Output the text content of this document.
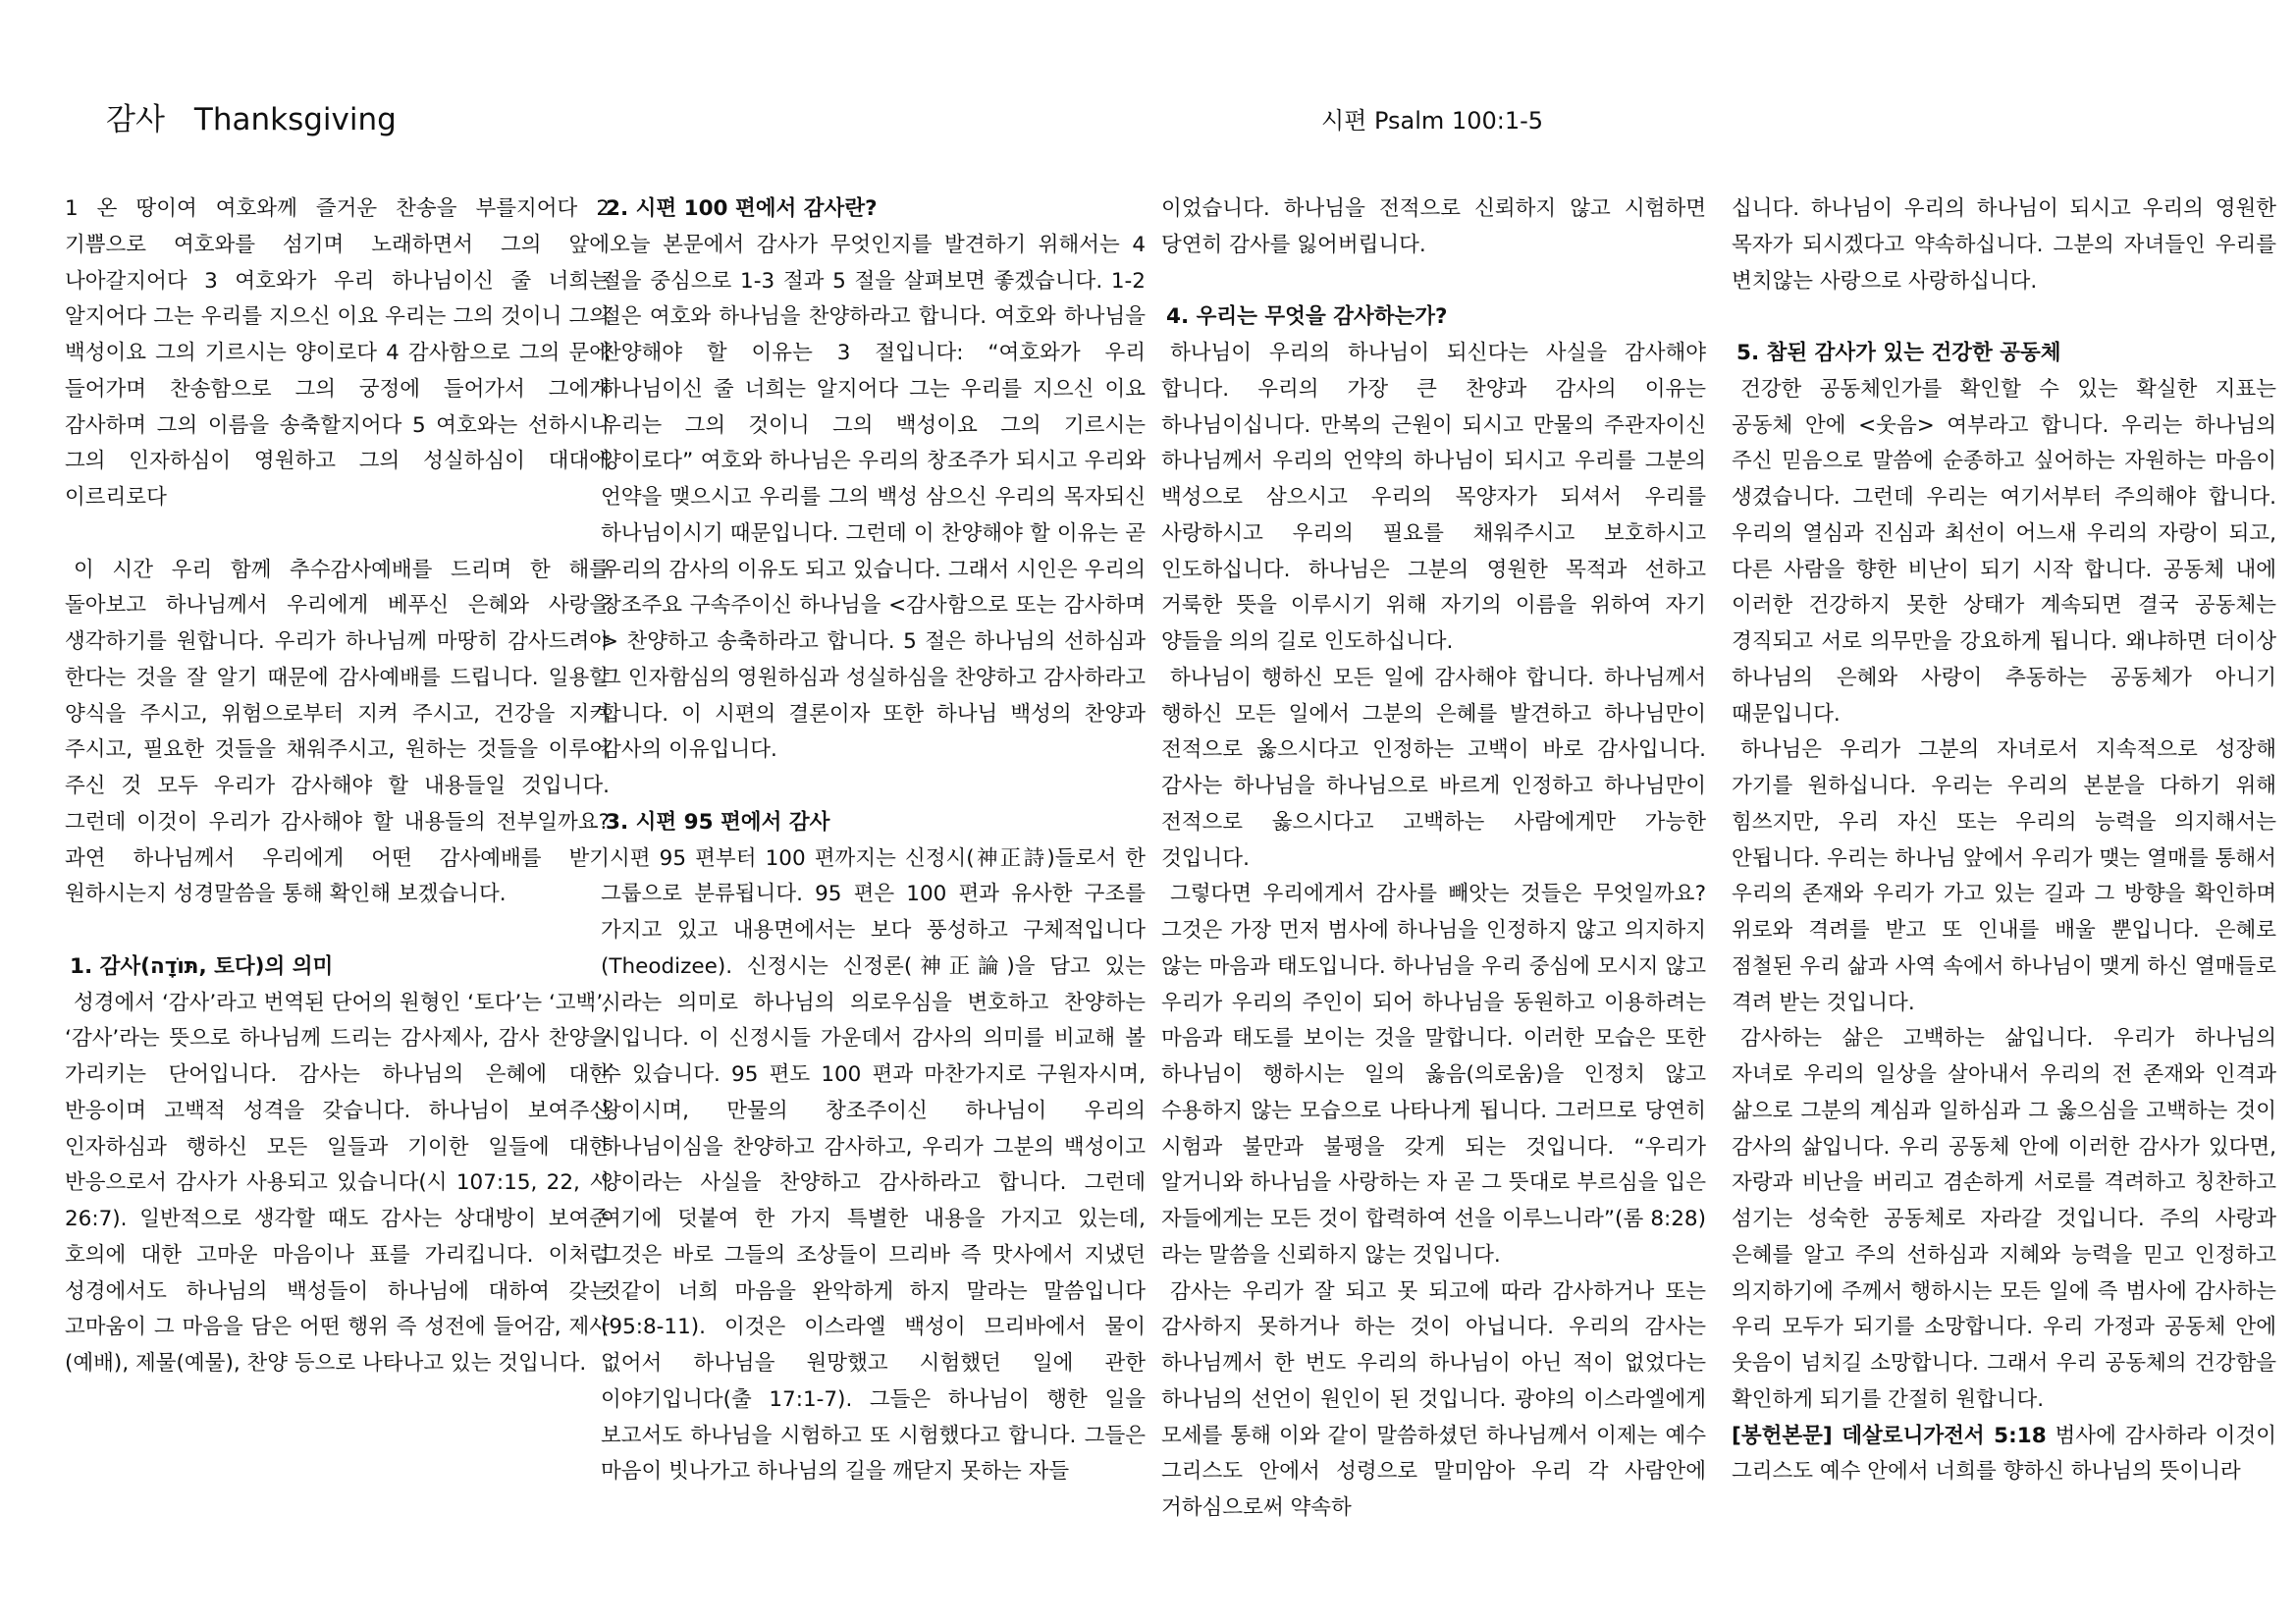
감사 Thanksgiving	시편 Psalm 100:1-5

1 온 땅이여 여호와께 즐거운 찬송을 부를지어다 2 기쁨으로 여호와를 섬기며 노래하면서 그의 앞에 나아갈지어다 3 여호와가 우리 하나님이신 줄 너희는 알지어다 그는 우리를 지으신 이요 우리는 그의 것이니 그의 백성이요 그의 기르시는 양이로다 4 감사함으로 그의 문에 들어가며 찬송함으로 그의 궁정에 들어가서 그에게 감사하며 그의 이름을 송축할지어다 5 여호와는 선하시니 그의 인자하심이 영원하고 그의 성실하심이 대대에 이르리로다

이 시간 우리 함께 추수감사예배를 드리며 한 해를 돌아보고 하나님께서 우리에게 베푸신 은혜와 사랑을 생각하기를 원합니다. 우리가 하나님께 마땅히 감사드려야 한다는 것을 잘 알기 때문에 감사예배를 드립니다. 일용할 양식을 주시고, 위험으로부터 지켜 주시고, 건강을 지켜 주시고, 필요한 것들을 채워주시고, 원하는 것들을 이루어 주신 것 모두 우리가 감사해야 할 내용들일 것입니다. 그런데 이것이 우리가 감사해야 할 내용들의 전부일까요? 과연 하나님께서 우리에게 어떤 감사예배를 받기 원하시는지 성경말씀을 통해 확인해 보겠습니다.

1. 감사(תּוֹדָה, 토다)의 의미

성경에서 ‘감사’라고 번역된 단어의 원형인 ‘토다’는 ‘고백’, ‘감사’라는 뜻으로 하나님께 드리는 감사제사, 감사 찬양을 가리키는 단어입니다. 감사는 하나님의 은혜에 대한 반응이며 고백적 성격을 갖습니다. 하나님이 보여주신 인자하심과 행하신 모든 일들과 기이한 일들에 대한 반응으로서 감사가 사용되고 있습니다(시 107:15, 22, 시 26:7). 일반적으로 생각할 때도 감사는 상대방이 보여준 호의에 대한 고마운 마음이나 표를 가리킵니다. 이처럼 성경에서도 하나님의 백성들이 하나님에 대하여 갖는 고마움이 그 마음을 담은 어떤 행위 즉 성전에 들어감, 제사(예배), 제물(예물), 찬양 등으로 나타나고 있는 것입니다.

2. 시편 100 편에서 감사란?

오늘 본문에서 감사가 무엇인지를 발견하기 위해서는 4 절을 중심으로 1-3 절과 5 절을 살펴보면 좋겠습니다. 1-2 절은 여호와 하나님을 찬양하라고 합니다. 여호와 하나님을 찬양해야 할 이유는 3 절입니다: “여호와가 우리 하나님이신 줄 너희는 알지어다 그는 우리를 지으신 이요 우리는 그의 것이니 그의 백성이요 그의 기르시는 양이로다” 여호와 하나님은 우리의 창조주가 되시고 우리와 언약을 맺으시고 우리를 그의 백성 삼으신 우리의 목자되신 하나님이시기 때문입니다. 그런데 이 찬양해야 할 이유는 곧 우리의 감사의 이유도 되고 있습니다. 그래서 시인은 우리의 창조주요 구속주이신 하나님을 <감사함으로 또는 감사하며> 찬양하고 송축하라고 합니다. 5 절은 하나님의 선하심과 그 인자함심의 영원하심과 성실하심을 찬양하고 감사하라고 합니다. 이 시편의 결론이자 또한 하나님 백성의 찬양과 감사의 이유입니다.

3. 시편 95 편에서 감사

시편 95 편부터 100 편까지는 신정시(神正詩)들로서 한 그룹으로 분류됩니다. 95 편은 100 편과 유사한 구조를 가지고 있고 내용면에서는 보다 풍성하고 구체적입니다(Theodizee). 신정시는 신정론(神正論)을 담고 있는 시라는 의미로 하나님의 의로우심을 변호하고 찬양하는 시입니다. 이 신정시들 가운데서 감사의 의미를 비교해 볼 수 있습니다. 95 편도 100 편과 마찬가지로 구원자시며, 왕이시며, 만물의 창조주이신 하나님이 우리의 하나님이심을 찬양하고 감사하고, 우리가 그분의 백성이고 양이라는 사실을 찬양하고 감사하라고 합니다. 그런데 여기에 덧붙여 한 가지 특별한 내용을 가지고 있는데, 그것은 바로 그들의 조상들이 므리바 즉 맛사에서 지냈던 것같이 너희 마음을 완악하게 하지 말라는 말씀입니다(95:8-11). 이것은 이스라엘 백성이 므리바에서 물이 없어서 하나님을 원망했고 시험했던 일에 관한 이야기입니다(출 17:1-7). 그들은 하나님이 행한 일을 보고서도 하나님을 시험하고 또 시험했다고 합니다. 그들은 마음이 빗나가고 하나님의 길을 깨닫지 못하는 자들

이었습니다. 하나님을 전적으로 신뢰하지 않고 시험하면 당연히 감사를 잃어버립니다.

4. 우리는 무엇을 감사하는가?

하나님이 우리의 하나님이 되신다는 사실을 감사해야 합니다. 우리의 가장 큰 찬양과 감사의 이유는 하나님이십니다. 만복의 근원이 되시고 만물의 주관자이신 하나님께서 우리의 언약의 하나님이 되시고 우리를 그분의 백성으로 삼으시고 우리의 목양자가 되셔서 우리를 사랑하시고 우리의 필요를 채워주시고 보호하시고 인도하십니다. 하나님은 그분의 영원한 목적과 선하고 거룩한 뜻을 이루시기 위해 자기의 이름을 위하여 자기 양들을 의의 길로 인도하십니다.

하나님이 행하신 모든 일에 감사해야 합니다. 하나님께서 행하신 모든 일에서 그분의 은혜를 발견하고 하나님만이 전적으로 옳으시다고 인정하는 고백이 바로 감사입니다. 감사는 하나님을 하나님으로 바르게 인정하고 하나님만이 전적으로 옳으시다고 고백하는 사람에게만 가능한 것입니다.

그렇다면 우리에게서 감사를 빼앗는 것들은 무엇일까요? 그것은 가장 먼저 범사에 하나님을 인정하지 않고 의지하지 않는 마음과 태도입니다. 하나님을 우리 중심에 모시지 않고 우리가 우리의 주인이 되어 하나님을 동원하고 이용하려는 마음과 태도를 보이는 것을 말합니다. 이러한 모습은 또한 하나님이 행하시는 일의 옳음(의로움)을 인정치 않고 수용하지 않는 모습으로 나타나게 됩니다. 그러므로 당연히 시험과 불만과 불평을 갖게 되는 것입니다. “우리가 알거니와 하나님을 사랑하는 자 곧 그 뜻대로 부르심을 입은 자들에게는 모든 것이 합력하여 선을 이루느니라”(롬 8:28)라는 말씀을 신뢰하지 않는 것입니다.

감사는 우리가 잘 되고 못 되고에 따라 감사하거나 또는 감사하지 못하거나 하는 것이 아닙니다. 우리의 감사는 하나님께서 한 번도 우리의 하나님이 아닌 적이 없었다는 하나님의 선언이 원인이 된 것입니다. 광야의 이스라엘에게 모세를 통해 이와 같이 말씀하셨던 하나님께서 이제는 예수 그리스도 안에서 성령으로 말미암아 우리 각 사람안에 거하심으로써 약속하

십니다. 하나님이 우리의 하나님이 되시고 우리의 영원한 목자가 되시겠다고 약속하십니다. 그분의 자녀들인 우리를 변치않는 사랑으로 사랑하십니다.

5. 참된 감사가 있는 건강한 공동체

건강한 공동체인가를 확인할 수 있는 확실한 지표는 공동체 안에 <웃음> 여부라고 합니다. 우리는 하나님의 주신 믿음으로 말씀에 순종하고 싶어하는 자원하는 마음이 생겼습니다. 그런데 우리는 여기서부터 주의해야 합니다. 우리의 열심과 진심과 최선이 어느새 우리의 자랑이 되고, 다른 사람을 향한 비난이 되기 시작 합니다. 공동체 내에 이러한 건강하지 못한 상태가 계속되면 결국 공동체는 경직되고 서로 의무만을 강요하게 됩니다. 왜냐하면 더이상 하나님의 은혜와 사랑이 추동하는 공동체가 아니기 때문입니다.

하나님은 우리가 그분의 자녀로서 지속적으로 성장해 가기를 원하십니다. 우리는 우리의 본분을 다하기 위해 힘쓰지만, 우리 자신 또는 우리의 능력을 의지해서는 안됩니다. 우리는 하나님 앞에서 우리가 맺는 열매를 통해서 우리의 존재와 우리가 가고 있는 길과 그 방향을 확인하며 위로와 격려를 받고 또 인내를 배울 뿐입니다. 은혜로 점철된 우리 삶과 사역 속에서 하나님이 맺게 하신 열매들로 격려 받는 것입니다.

감사하는 삶은 고백하는 삶입니다. 우리가 하나님의 자녀로 우리의 일상을 살아내서 우리의 전 존재와 인격과 삶으로 그분의 계심과 일하심과 그 옳으심을 고백하는 것이 감사의 삶입니다. 우리 공동체 안에 이러한 감사가 있다면, 자랑과 비난을 버리고 겸손하게 서로를 격려하고 칭찬하고 섬기는 성숙한 공동체로 자라갈 것입니다. 주의 사랑과 은혜를 알고 주의 선하심과 지혜와 능력을 믿고 인정하고 의지하기에 주께서 행하시는 모든 일에 즉 범사에 감사하는 우리 모두가 되기를 소망합니다. 우리 가정과 공동체 안에 웃음이 넘치길 소망합니다. 그래서 우리 공동체의 건강함을 확인하게 되기를 간절히 원합니다.

[봉헌본문] 데살로니가전서 5:18 범사에 감사하라 이것이 그리스도 예수 안에서 너희를 향하신 하나님의 뜻이니라
